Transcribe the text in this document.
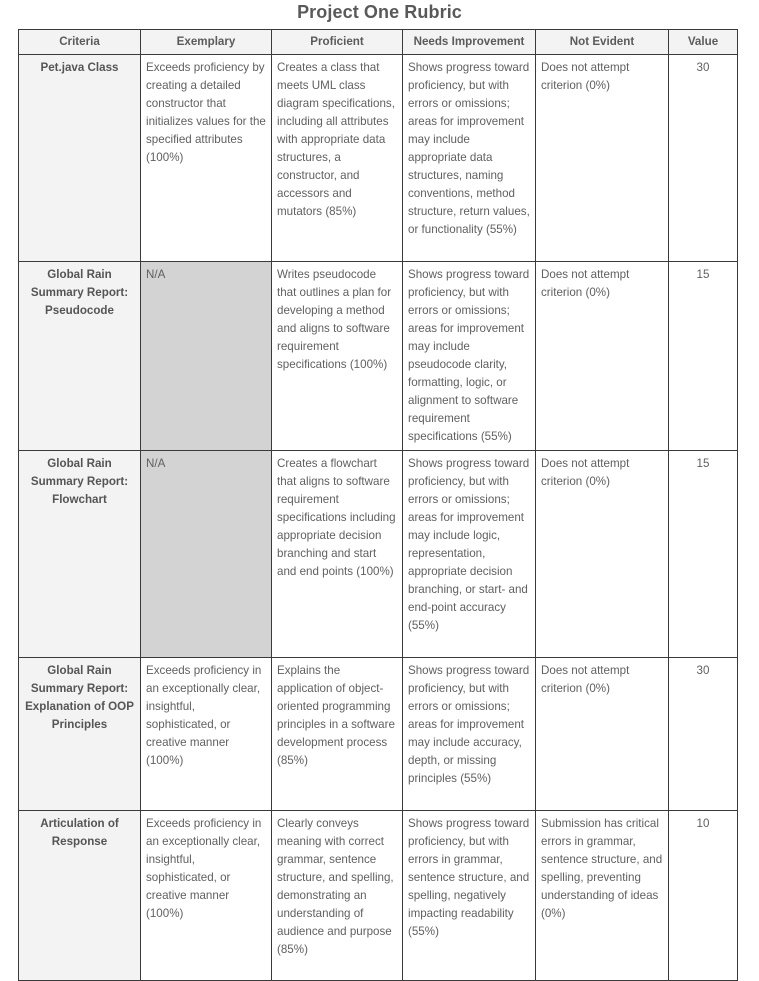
Project One Rubric
Criteria	Exemplary	Proficient	Needs Improvement	Not Evident	Value
Pet.java Class	Exceeds proficiency by creating a detailed constructor that initializes values for the specified attributes (100%)	Creates a class that meets UML class diagram specifications, including all attributes with appropriate data structures, a constructor, and accessors and mutators (85%)	Shows progress toward proficiency, but with errors or omissions; areas for improvement may include appropriate data structures, naming conventions, method structure, return values, or functionality (55%)	Does not attempt criterion (0%)	30
Global Rain Summary Report: Pseudocode	N/A	Writes pseudocode that outlines a plan for developing a method and aligns to software requirement specifications (100%)	Shows progress toward proficiency, but with errors or omissions; areas for improvement may include pseudocode clarity, formatting, logic, or alignment to software requirement specifications (55%)	Does not attempt criterion (0%)	15
Global Rain Summary Report: Flowchart	N/A	Creates a flowchart that aligns to software requirement specifications including appropriate decision branching and start and end points (100%)	Shows progress toward proficiency, but with errors or omissions; areas for improvement may include logic, representation, appropriate decision branching, or start- and end-point accuracy (55%)	Does not attempt criterion (0%)	15
Global Rain Summary Report: Explanation of OOP Principles	Exceeds proficiency in an exceptionally clear, insightful, sophisticated, or creative manner (100%)	Explains the application of object-oriented programming principles in a software development process (85%)	Shows progress toward proficiency, but with errors or omissions; areas for improvement may include accuracy, depth, or missing principles (55%)	Does not attempt criterion (0%)	30
Articulation of Response	Exceeds proficiency in an exceptionally clear, insightful, sophisticated, or creative manner (100%)	Clearly conveys meaning with correct grammar, sentence structure, and spelling, demonstrating an understanding of audience and purpose (85%)	Shows progress toward proficiency, but with errors in grammar, sentence structure, and spelling, negatively impacting readability (55%)	Submission has critical errors in grammar, sentence structure, and spelling, preventing understanding of ideas (0%)	10
